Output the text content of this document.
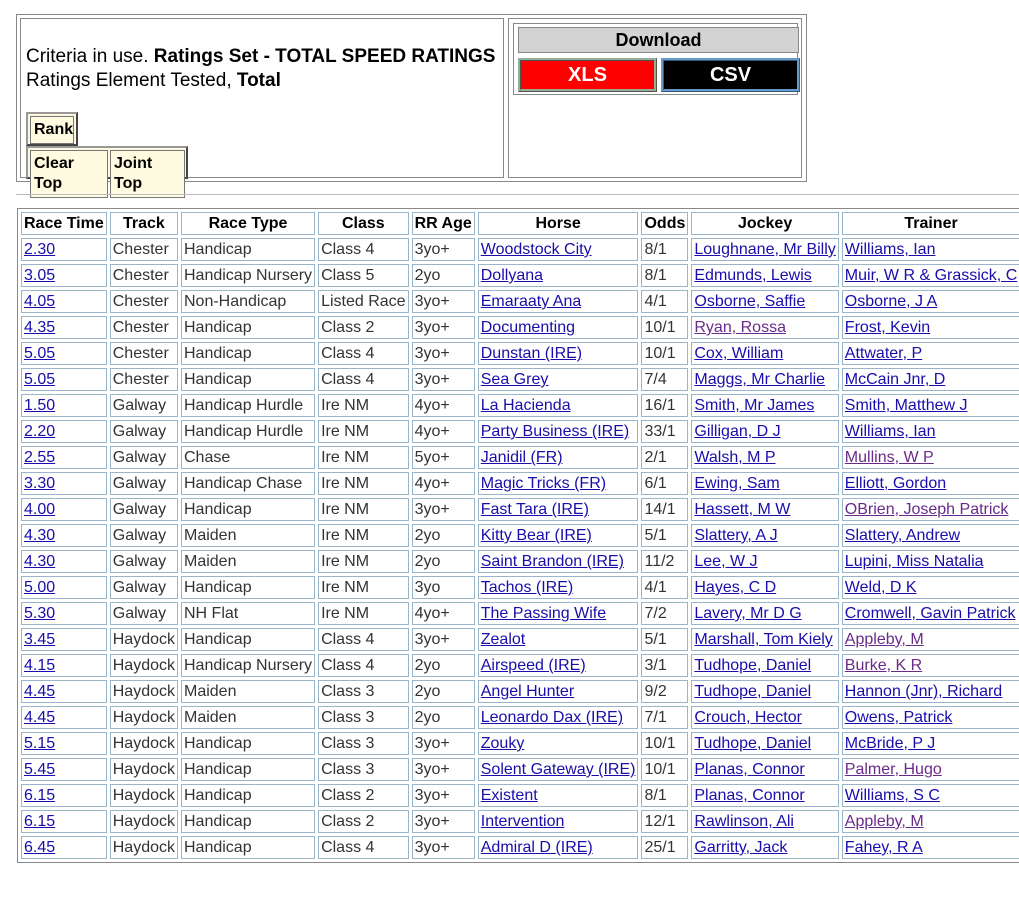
Criteria in use. Ratings Set - TOTAL SPEED RATINGS
Ratings Element Tested, Total
Rank
Clear Top
Joint Top
Download
XLS	CSV
Race Time	Track	Race Type	Class	RR Age	Horse	Odds	Jockey	Trainer
2.30	Chester	Handicap	Class 4	3yo+	Woodstock City	8/1	Loughnane, Mr Billy	Williams, Ian
3.05	Chester	Handicap Nursery	Class 5	2yo	Dollyana	8/1	Edmunds, Lewis	Muir, W R & Grassick, C
4.05	Chester	Non-Handicap	Listed Race	3yo+	Emaraaty Ana	4/1	Osborne, Saffie	Osborne, J A
4.35	Chester	Handicap	Class 2	3yo+	Documenting	10/1	Ryan, Rossa	Frost, Kevin
5.05	Chester	Handicap	Class 4	3yo+	Dunstan (IRE)	10/1	Cox, William	Attwater, P
5.05	Chester	Handicap	Class 4	3yo+	Sea Grey	7/4	Maggs, Mr Charlie	McCain Jnr, D
1.50	Galway	Handicap Hurdle	Ire NM	4yo+	La Hacienda	16/1	Smith, Mr James	Smith, Matthew J
2.20	Galway	Handicap Hurdle	Ire NM	4yo+	Party Business (IRE)	33/1	Gilligan, D J	Williams, Ian
2.55	Galway	Chase	Ire NM	5yo+	Janidil (FR)	2/1	Walsh, M P	Mullins, W P
3.30	Galway	Handicap Chase	Ire NM	4yo+	Magic Tricks (FR)	6/1	Ewing, Sam	Elliott, Gordon
4.00	Galway	Handicap	Ire NM	3yo+	Fast Tara (IRE)	14/1	Hassett, M W	OBrien, Joseph Patrick
4.30	Galway	Maiden	Ire NM	2yo	Kitty Bear (IRE)	5/1	Slattery, A J	Slattery, Andrew
4.30	Galway	Maiden	Ire NM	2yo	Saint Brandon (IRE)	11/2	Lee, W J	Lupini, Miss Natalia
5.00	Galway	Handicap	Ire NM	3yo	Tachos (IRE)	4/1	Hayes, C D	Weld, D K
5.30	Galway	NH Flat	Ire NM	4yo+	The Passing Wife	7/2	Lavery, Mr D G	Cromwell, Gavin Patrick
3.45	Haydock	Handicap	Class 4	3yo+	Zealot	5/1	Marshall, Tom Kiely	Appleby, M
4.15	Haydock	Handicap Nursery	Class 4	2yo	Airspeed (IRE)	3/1	Tudhope, Daniel	Burke, K R
4.45	Haydock	Maiden	Class 3	2yo	Angel Hunter	9/2	Tudhope, Daniel	Hannon (Jnr), Richard
4.45	Haydock	Maiden	Class 3	2yo	Leonardo Dax (IRE)	7/1	Crouch, Hector	Owens, Patrick
5.15	Haydock	Handicap	Class 3	3yo+	Zouky	10/1	Tudhope, Daniel	McBride, P J
5.45	Haydock	Handicap	Class 3	3yo+	Solent Gateway (IRE)	10/1	Planas, Connor	Palmer, Hugo
6.15	Haydock	Handicap	Class 2	3yo+	Existent	8/1	Planas, Connor	Williams, S C
6.15	Haydock	Handicap	Class 2	3yo+	Intervention	12/1	Rawlinson, Ali	Appleby, M
6.45	Haydock	Handicap	Class 4	3yo+	Admiral D (IRE)	25/1	Garritty, Jack	Fahey, R A
